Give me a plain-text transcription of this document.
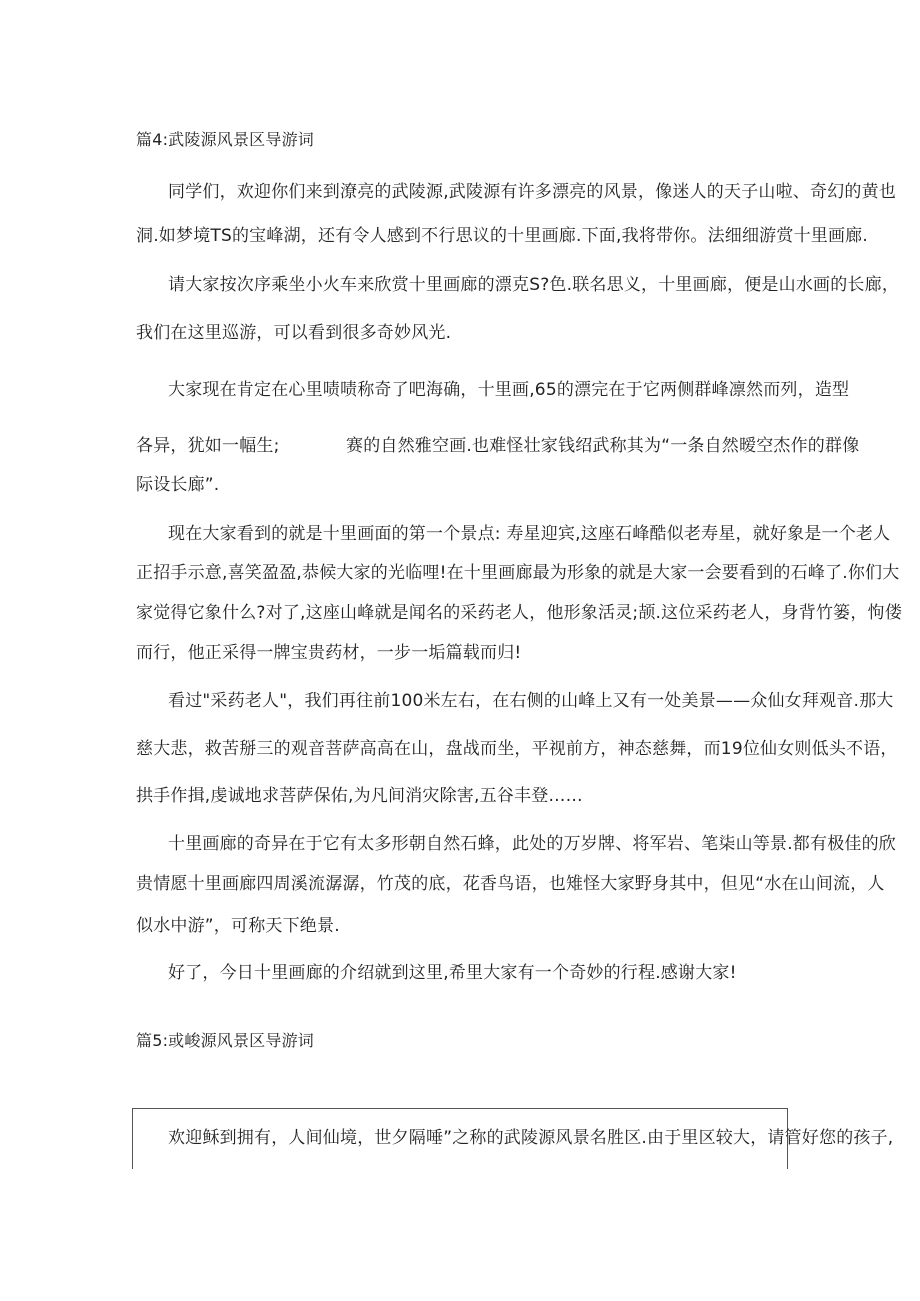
篇4:武陵源风景区导游词
同学们，欢迎你们来到潦亮的武陵源,武陵源有许多漂亮的风景，像迷人的天子山啦、奇幻的黄也
洞.如梦境TS的宝峰湖，还有令人感到不行思议的十里画廊.下面,我将带你。法细细游赏十里画廊.
请大家按次序乘坐小火车来欣赏十里画廊的漂克S?色.联名思义，十里画廊，便是山水画的长廊，
我们在这里巡游，可以看到很多奇妙风光.
大家现在肯定在心里啧啧称奇了吧海确，十里画,65的漂完在于它两侧群峰凛然而列，造型
各异，犹如一幅生;	赛的自然雅空画.也难怪壮家钱绍武称其为“一条自然暧空杰作的群像
际设长廊”.
现在大家看到的就是十里画面的第一个景点: 寿星迎宾,这座石峰酷似老寿星，就好象是一个老人
正招手示意,喜笑盈盈,恭候大家的光临哩!在十里画廊最为形象的就是大家一会要看到的石峰了.你们大
家觉得它象什么?对了,这座山峰就是闻名的采药老人，他形象活灵;颉.这位采药老人，身背竹篓，怐偻
而行，他正采得一牌宝贵药材，一步一垢篇载而归!
看过"采药老人"，我们再往前100米左右，在右侧的山峰上又有一处美景——众仙女拜观音.那大
慈大悲，救苦掰三的观音菩萨高高在山，盘战而坐，平视前方，神态慈舞，而19位仙女则低头不语，
拱手作揖,虔诚地求菩萨保佑,为凡间消灾除害,五谷丰登……
十里画廊的奇异在于它有太多形朝自然石蜂，此处的万岁牌、将军岩、笔柒山等景.都有极佳的欣
贵情愿十里画廊四周溪流潺潺，竹茂的底，花香鸟语，也雉怪大家野身其中，但见“水在山间流，人
似水中游”，可称天下绝景.
好了，今日十里画廊的介绍就到这里,希里大家有一个奇妙的行程.感谢大家!
篇5:或峻源风景区导游词
欢迎稣到拥有，人间仙境，世夕隔唾”之称的武陵源风景名胜区.由于里区较大，请管好您的孩子,
